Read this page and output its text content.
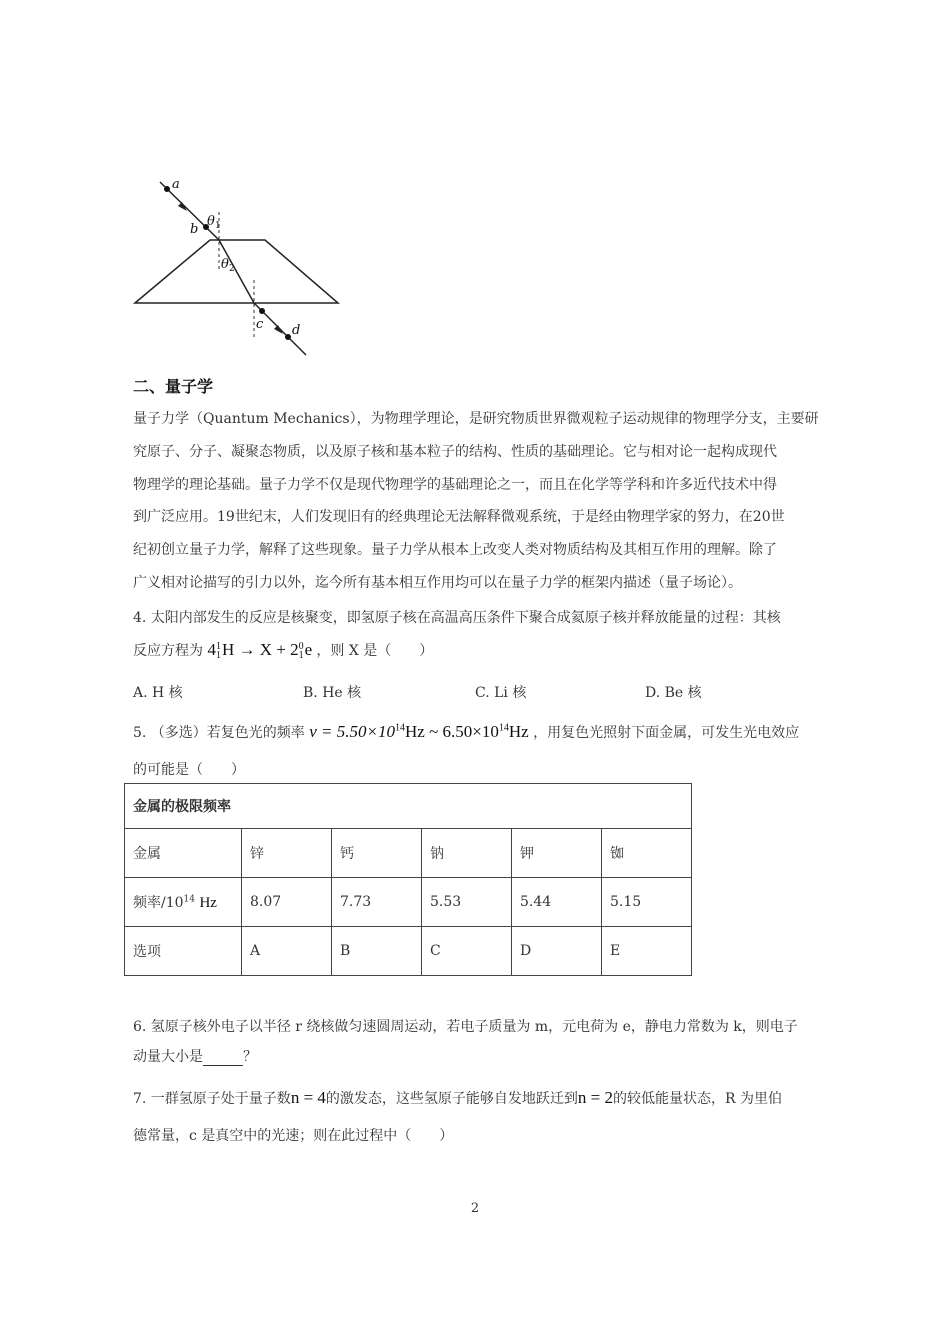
a
b
c d
θ 1
θ 2
二、量子学
量子力学（Quantum Mechanics），为物理学理论，是研究物质世界微观粒子运动规律的物理学分支，主要研
究原子、分子、凝聚态物质，以及原子核和基本粒子的结构、性质的基础理论。它与相对论一起构成现代
物理学的理论基础。量子力学不仅是现代物理学的基础理论之一，而且在化学等学科和许多近代技术中得
到广泛应用。19世纪末，人们发现旧有的经典理论无法解释微观系统，于是经由物理学家的努力，在20世
纪初创立量子力学，解释了这些现象。量子力学从根本上改变人类对物质结构及其相互作用的理解。除了
广义相对论描写的引力以外，迄今所有基本相互作用均可以在量子力学的框架内描述（量子场论）。
4. 太阳内部发生的反应是核聚变，即氢原子核在高温高压条件下聚合成氦原子核并释放能量的过程：其核
反应方程为 41
1H → X + 20
1e ，则 X 是（　　）
A. H 核	B. He 核	C. Li 核	D. Be 核
5. （多选）若复色光的频率 $v = 5.50\times 10^{14}Hz$ ~ $6.50\times 10^{14}Hz$ ，用复色光照射下面金属，可发生光电效应
的可能是（　　）
金属的极限频率					
金属	锌	钙	钠	钾	铷
频率$/10^{14}$ Hz	8.07	7.73	5.53	5.44	5.15
选项	A	B	C	D	E
6. 氢原子核外电子以半径 r 绕核做匀速圆周运动，若电子质量为 m，元电荷为 e，静电力常数为 k，则电子
动量大小是	？
7. 一群氢原子处于量子数n = 4的激发态，这些氢原子能够自发地跃迁到n = 2的较低能量状态，R 为里伯
德常量，c 是真空中的光速；则在此过程中（　　）
2
